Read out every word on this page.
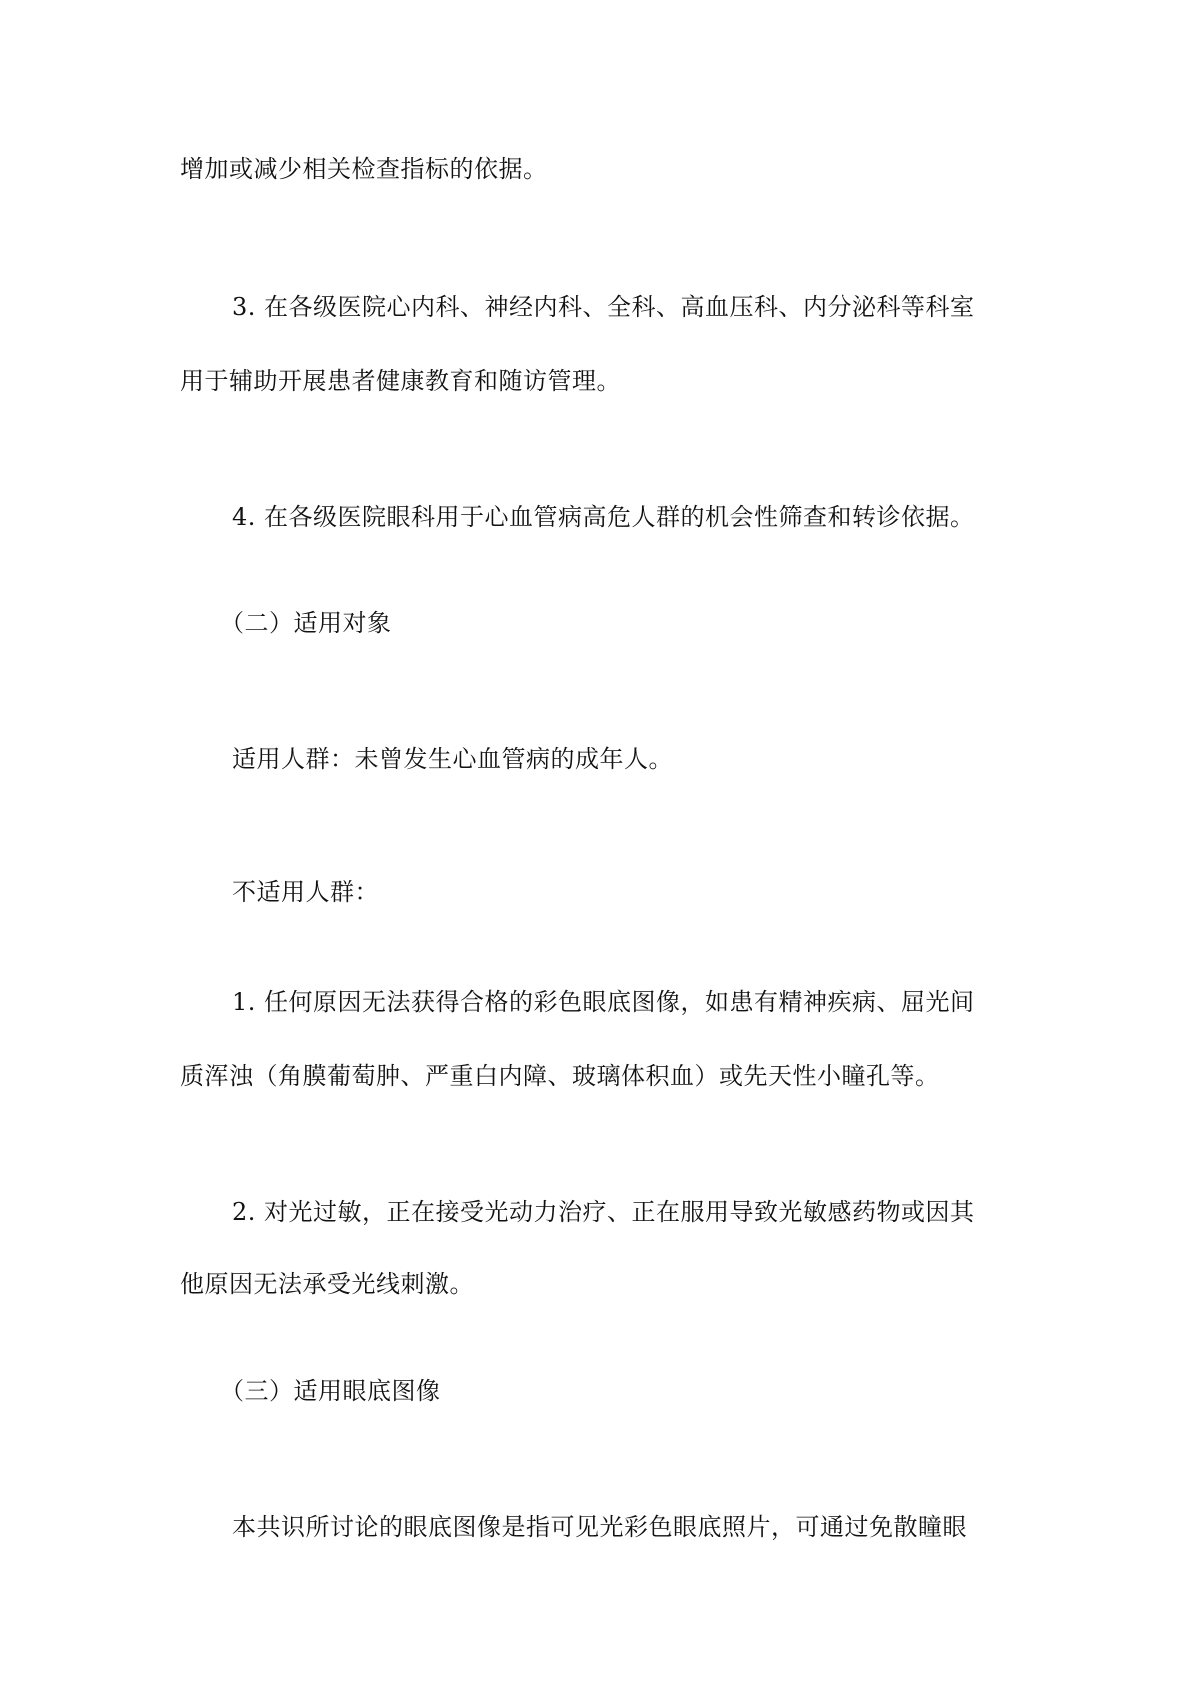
增加或减少相关检查指标的依据。

3. 在各级医院心内科、神经内科、全科、高血压科、内分泌科等科室

用于辅助开展患者健康教育和随访管理。

4. 在各级医院眼科用于心血管病高危人群的机会性筛查和转诊依据。

（二）适用对象

适用人群：未曾发生心血管病的成年人。

不适用人群：

1. 任何原因无法获得合格的彩色眼底图像，如患有精神疾病、屈光间

质浑浊（角膜葡萄肿、严重白内障、玻璃体积血）或先天性小瞳孔等。

2. 对光过敏，正在接受光动力治疗、正在服用导致光敏感药物或因其

他原因无法承受光线刺激。

（三）适用眼底图像

本共识所讨论的眼底图像是指可见光彩色眼底照片，可通过免散瞳眼
